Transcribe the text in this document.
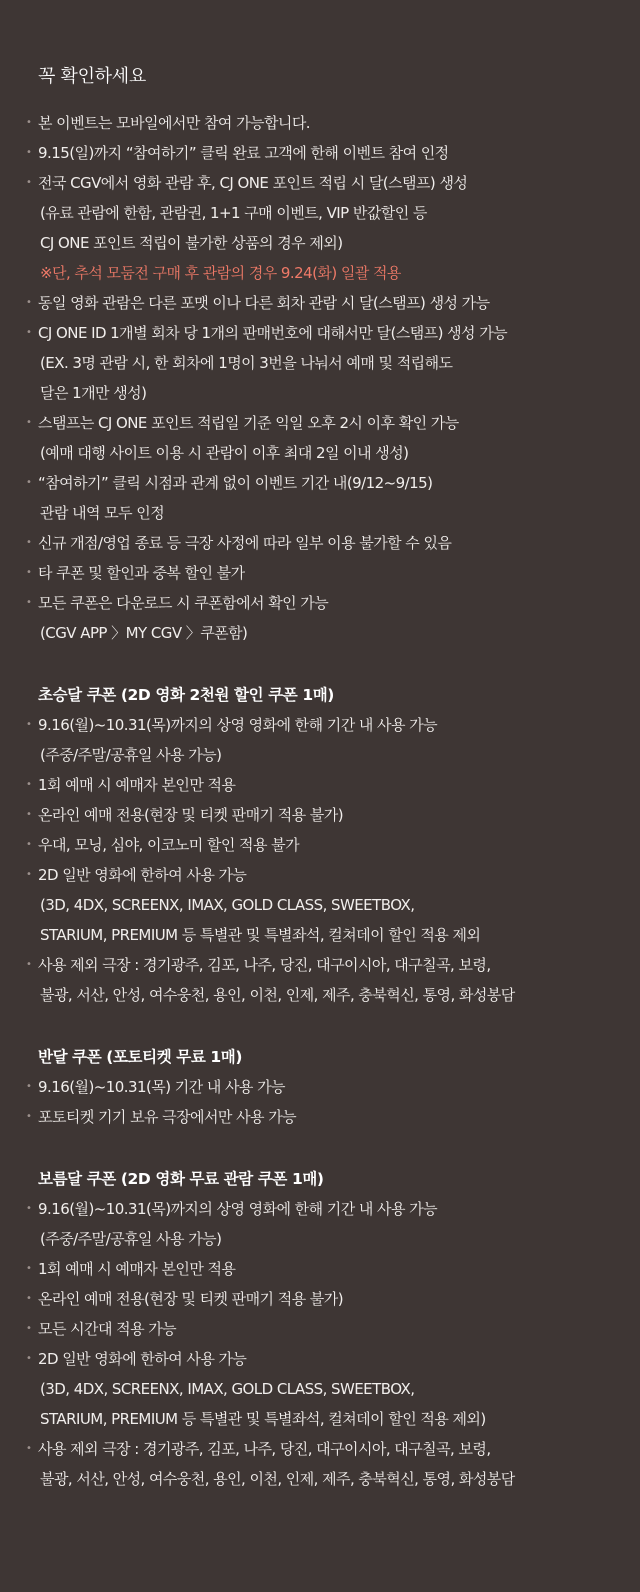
꼭 확인하세요
• 본 이벤트는 모바일에서만 참여 가능합니다.
• 9.15(일)까지 “참여하기” 클릭 완료 고객에 한해 이벤트 참여 인정
• 전국 CGV에서 영화 관람 후, CJ ONE 포인트 적립 시 달(스탬프) 생성
(유료 관람에 한함, 관람권, 1+1 구매 이벤트, VIP 반값할인 등
CJ ONE 포인트 적립이 불가한 상품의 경우 제외)
※단, 추석 모둠전 구매 후 관람의 경우 9.24(화) 일괄 적용
• 동일 영화 관람은 다른 포맷 이나 다른 회차 관람 시 달(스탬프) 생성 가능
• CJ ONE ID 1개별 회차 당 1개의 판매번호에 대해서만 달(스탬프) 생성 가능
(EX. 3명 관람 시, 한 회차에 1명이 3번을 나눠서 예매 및 적립해도
달은 1개만 생성)
• 스탬프는 CJ ONE 포인트 적립일 기준 익일 오후 2시 이후 확인 가능
(예매 대행 사이트 이용 시 관람이 이후 최대 2일 이내 생성)
• “참여하기” 클릭 시점과 관계 없이 이벤트 기간 내(9/12~9/15)
관람 내역 모두 인정
• 신규 개점/영업 종료 등 극장 사정에 따라 일부 이용 불가할 수 있음
• 타 쿠폰 및 할인과 중복 할인 불가
• 모든 쿠폰은 다운로드 시 쿠폰함에서 확인 가능
(CGV APP 〉MY CGV 〉쿠폰함)
초승달 쿠폰 (2D 영화 2천원 할인 쿠폰 1매)
• 9.16(월)~10.31(목)까지의 상영 영화에 한해 기간 내 사용 가능
(주중/주말/공휴일 사용 가능)
• 1회 예매 시 예매자 본인만 적용
• 온라인 예매 전용(현장 및 티켓 판매기 적용 불가)
• 우대, 모닝, 심야, 이코노미 할인 적용 불가
• 2D 일반 영화에 한하여 사용 가능
(3D, 4DX, SCREENX, IMAX, GOLD CLASS, SWEETBOX,
STARIUM, PREMIUM 등 특별관 및 특별좌석, 컬쳐데이 할인 적용 제외
• 사용 제외 극장 : 경기광주, 김포, 나주, 당진, 대구이시아, 대구칠곡, 보령,
불광, 서산, 안성, 여수웅천, 용인, 이천, 인제, 제주, 충북혁신, 통영, 화성봉담
반달 쿠폰 (포토티켓 무료 1매)
• 9.16(월)~10.31(목) 기간 내 사용 가능
• 포토티켓 기기 보유 극장에서만 사용 가능
보름달 쿠폰 (2D 영화 무료 관람 쿠폰 1매)
• 9.16(월)~10.31(목)까지의 상영 영화에 한해 기간 내 사용 가능
(주중/주말/공휴일 사용 가능)
• 1회 예매 시 예매자 본인만 적용
• 온라인 예매 전용(현장 및 티켓 판매기 적용 불가)
• 모든 시간대 적용 가능
• 2D 일반 영화에 한하여 사용 가능
(3D, 4DX, SCREENX, IMAX, GOLD CLASS, SWEETBOX,
STARIUM, PREMIUM 등 특별관 및 특별좌석, 컬쳐데이 할인 적용 제외)
• 사용 제외 극장 : 경기광주, 김포, 나주, 당진, 대구이시아, 대구칠곡, 보령,
불광, 서산, 안성, 여수웅천, 용인, 이천, 인제, 제주, 충북혁신, 통영, 화성봉담
